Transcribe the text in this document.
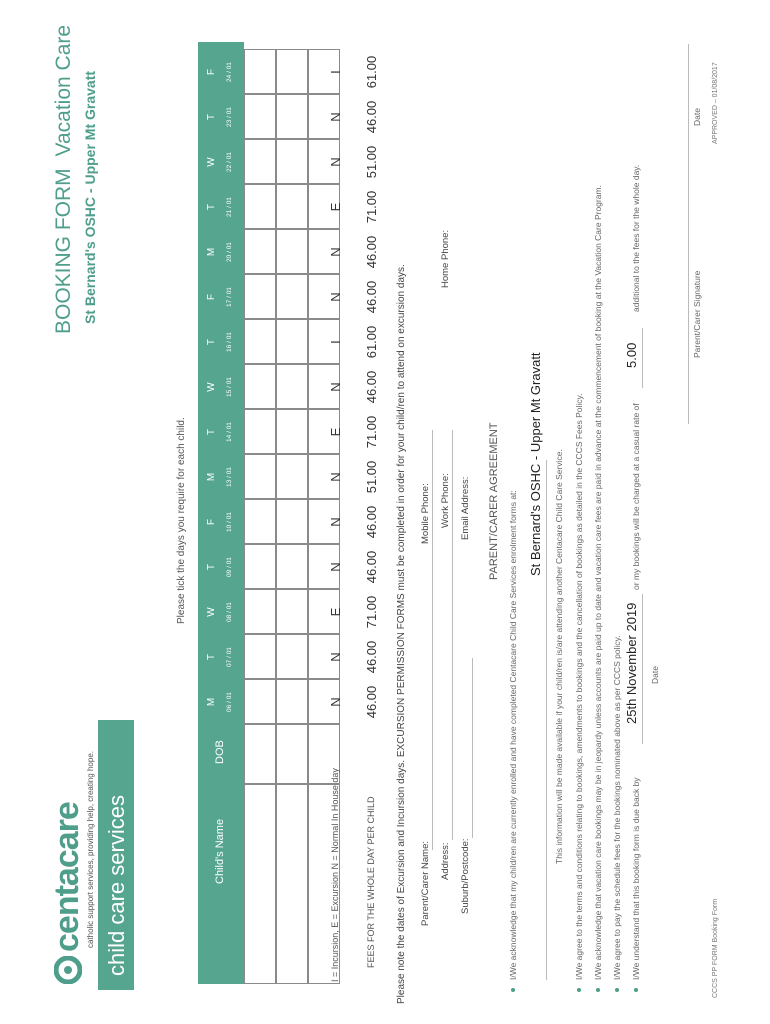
centacare catholic support services, providing help, creating hope. child care services
BOOKING FORM Vacation Care St Bernard's OSHC - Upper Mt Gravatt
Please tick the days you require for each child.
Child's Name
DOB
M 06 / 01
T 07 / 01
W 08 / 01
T 09 / 01
F 10 / 01
M 13 / 01
T 14 / 01
W 15 / 01
T 16 / 01
F 17 / 01
M 20 / 01
T 21 / 01
W 22 / 01
T 23 / 01
F 24 / 01
I = Incursion, E = Excursion N = Normal In House day	FEES FOR THE WHOLE DAY PER CHILD
N
N
E
N
N
N
E
N
I
N
N
E
N
N
I
46.00
46.00
71.00
46.00
46.00
51.00
71.00
46.00
61.00
46.00
46.00
71.00
51.00
46.00
61.00
Please note the dates of Excursion and Incursion days. EXCURSION PERMISSION FORMS must be completed in order for your child/ren to attend on excursion days. Parent/Carer Name: Address: Suburb/Postcode:
Mobile Phone: Work Phone: Email Address:
Home Phone:
PARENT/CARER AGREEMENT I/We acknowledge that my child/ren are currently enrolled and have completed Centacare Child Care Services enrolment forms at:
St Bernard's OSHC - Upper Mt Gravatt This information will be made available if your child/ren is/are attending another Centacare Child Care Service. I/We agree to the terms and conditions relating to bookings, amendments to bookings and the cancellation of bookings as detailed in the CCCS Fees Policy. I/We acknowledge that vacation care bookings may be in jeopardy unless accounts are paid up to date and vacation care fees are paid in advance at the commencement of booking at the Vacation Care Program. I/We agree to pay the schedule fees for the bookings nominated above as per CCCS policy. I/We understand that this booking form is due back by
25th November 2019
or my bookings will be charged at a casual rate of
5.00
additional to the fees for the whole day.
Date
Parent/Carer Signature
Date
CCCS PP FORM Booking Form
APPROVED – 01/08/2017
